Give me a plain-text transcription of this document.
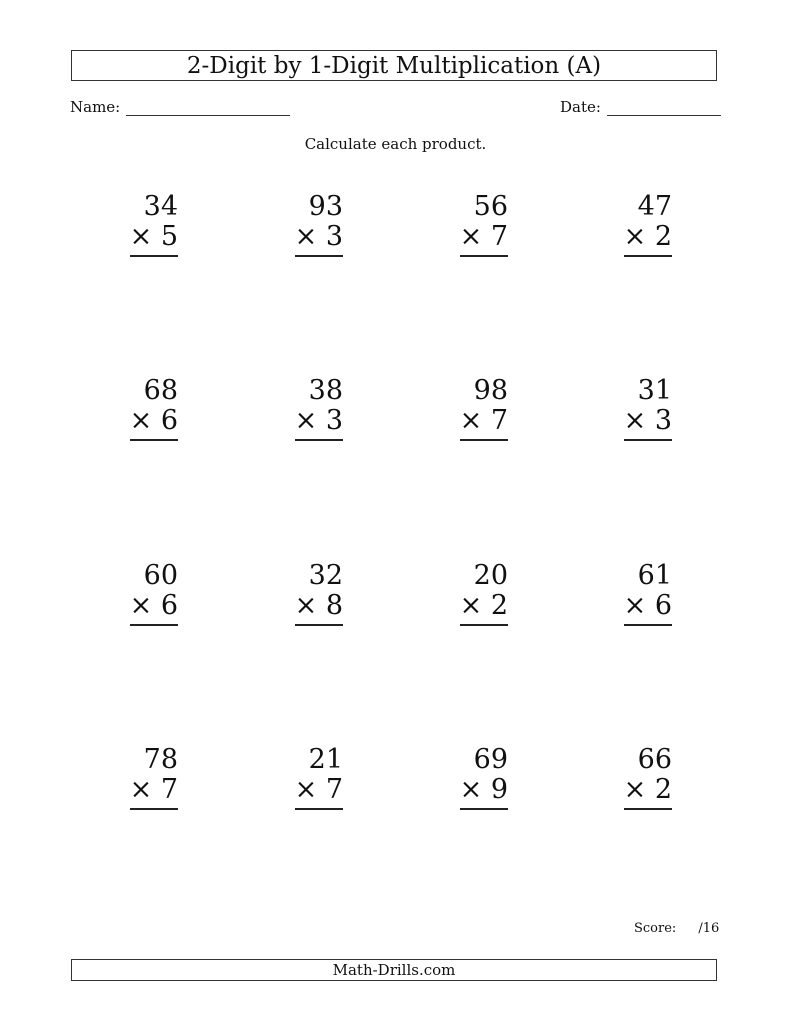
2-Digit by 1-Digit Multiplication (A)
Name:	Date:
Calculate each product.
34
× 5
93
× 3
56
× 7
47
× 2
68
× 6
38
× 3
98
× 7
31
× 3
60
× 6
32
× 8
20
× 2
61
× 6
78
× 7
21
× 7
69
× 9
66
× 2
Score: /16
Math-Drills.com
